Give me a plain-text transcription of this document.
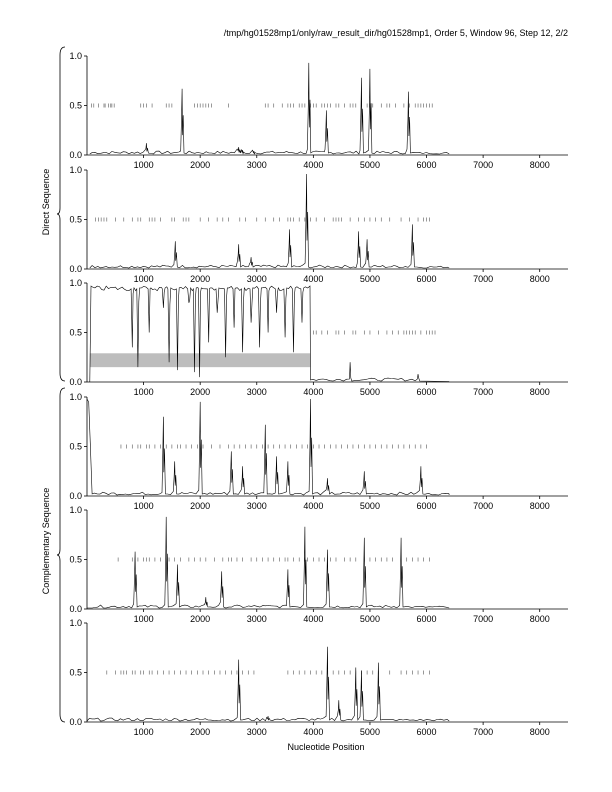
/tmp/hg01528mp1/only/raw_result_dir/hg01528mp1, Order 5, Window 96, Step 12, 2/2
0.0
0.5
1.0
1000	2000	3000	4000	5000	6000	7000	8000
0.0
0.5
1.0
1000	2000	3000	4000	5000	6000	7000	8000
0.0
0.5
1.0
1000	2000	3000	4000	5000	6000	7000	8000
0.0
0.5
1.0
1000	2000	3000	4000	5000	6000	7000	8000
0.0
0.5
1.0
1000	2000	3000	4000	5000	6000	7000	8000
0.0
0.5
1.0
1000	2000	3000	4000	5000	6000	7000	8000
Direct Sequence
Complementary Sequence
Nucleotide Position
